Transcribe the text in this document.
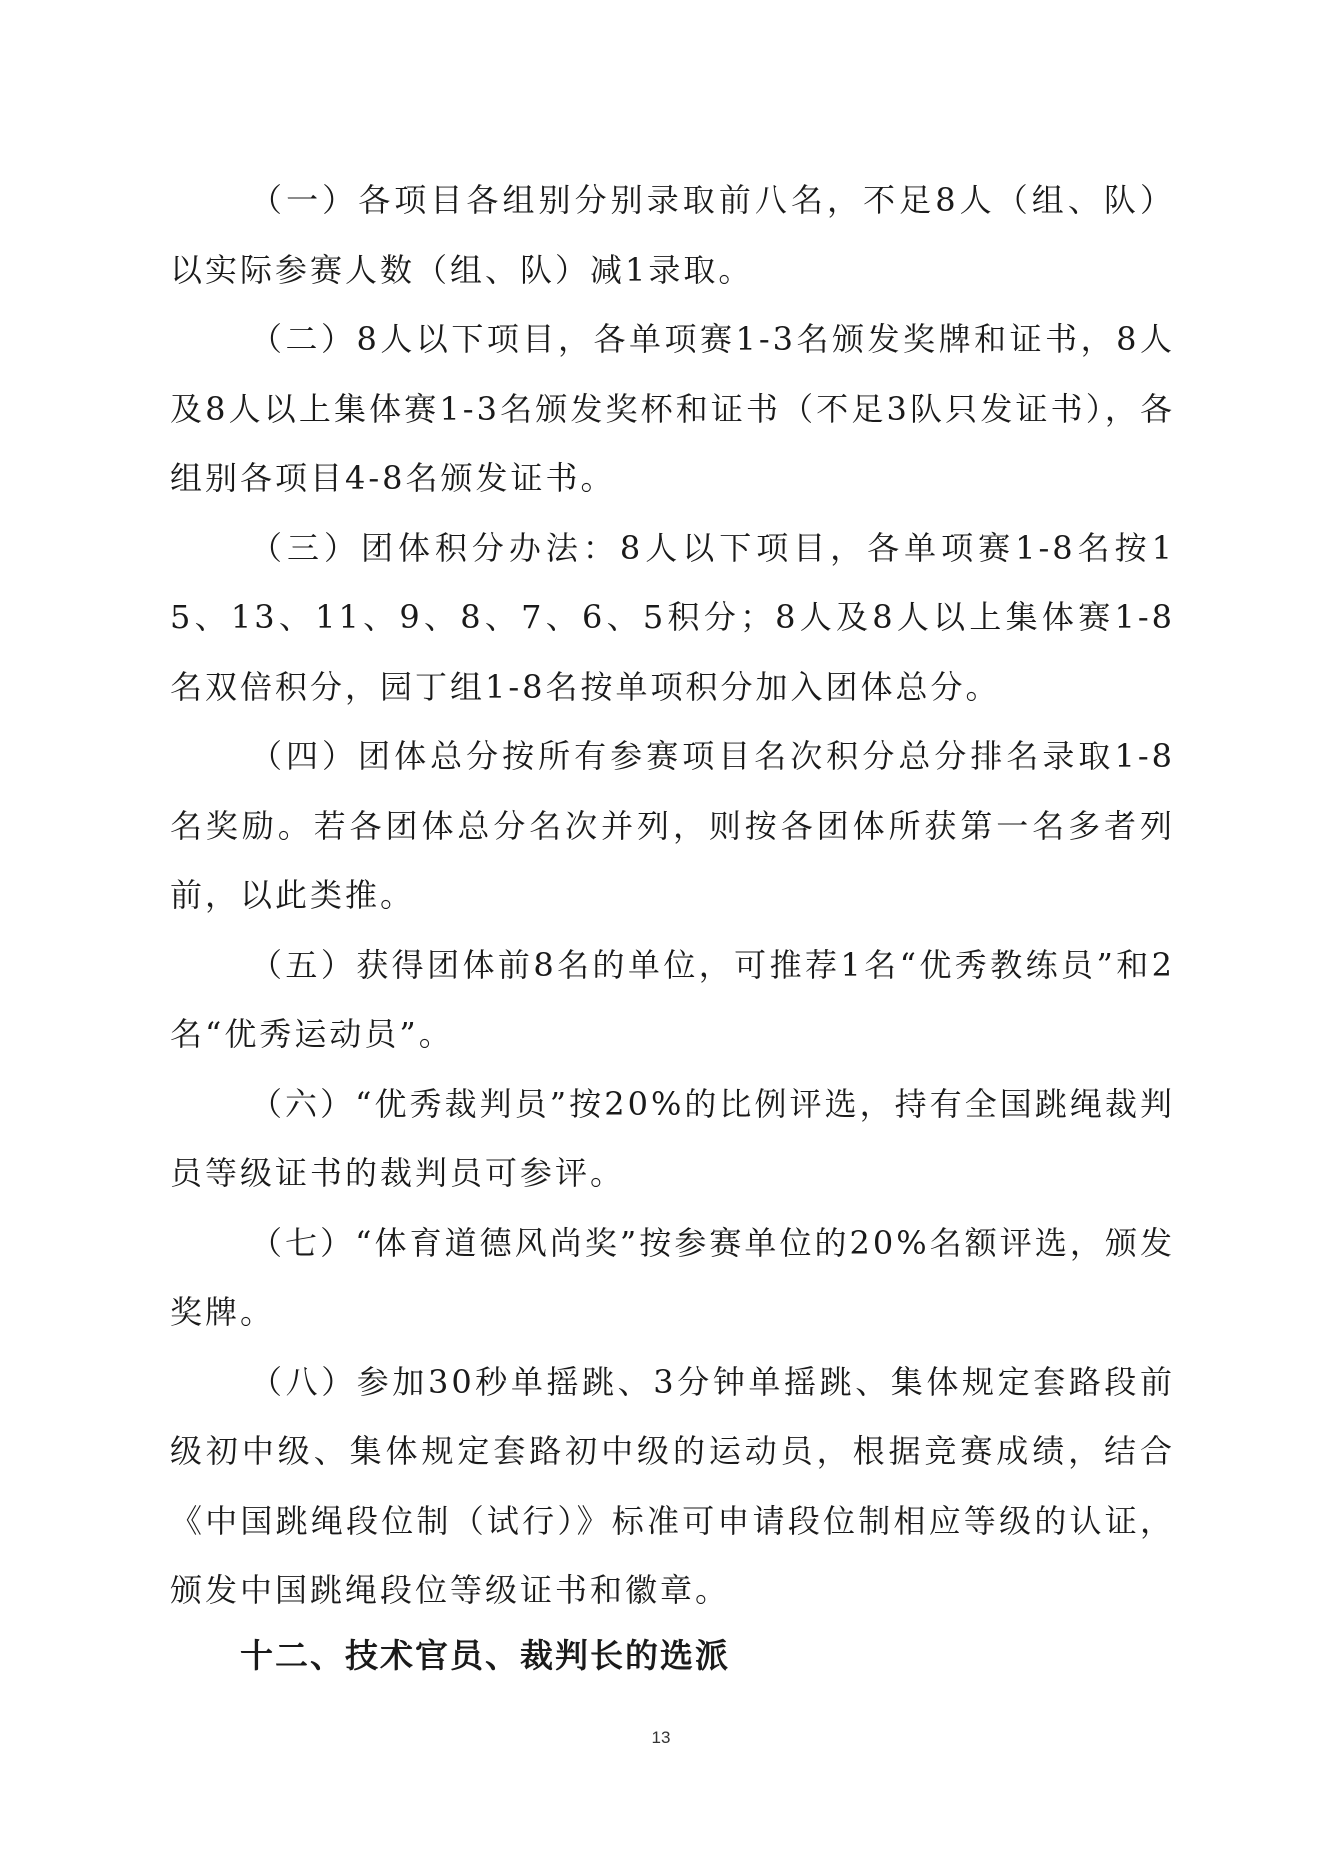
（一）各项目各组别分别录取前八名，不足8人（组、队）以实际参赛人数（组、队）减1录取。

（二）8人以下项目，各单项赛1-3名颁发奖牌和证书，8人及8人以上集体赛1-3名颁发奖杯和证书（不足3队只发证书），各组别各项目4-8名颁发证书。

（三）团体积分办法：8人以下项目，各单项赛1-8名按15、13、11、9、8、7、6、5积分；8人及8人以上集体赛1-8名双倍积分，园丁组1-8名按单项积分加入团体总分。

（四）团体总分按所有参赛项目名次积分总分排名录取1-8名奖励。若各团体总分名次并列，则按各团体所获第一名多者列前，以此类推。

（五）获得团体前8名的单位，可推荐1名“优秀教练员”和2名“优秀运动员”。

（六）“优秀裁判员”按20%的比例评选，持有全国跳绳裁判员等级证书的裁判员可参评。

（七）“体育道德风尚奖”按参赛单位的20%名额评选，颁发奖牌。

（八）参加30秒单摇跳、3分钟单摇跳、集体规定套路段前级初中级、集体规定套路初中级的运动员，根据竞赛成绩，结合《中国跳绳段位制（试行）》标准可申请段位制相应等级的认证，颁发中国跳绳段位等级证书和徽章。

十二、技术官员、裁判长的选派
13
